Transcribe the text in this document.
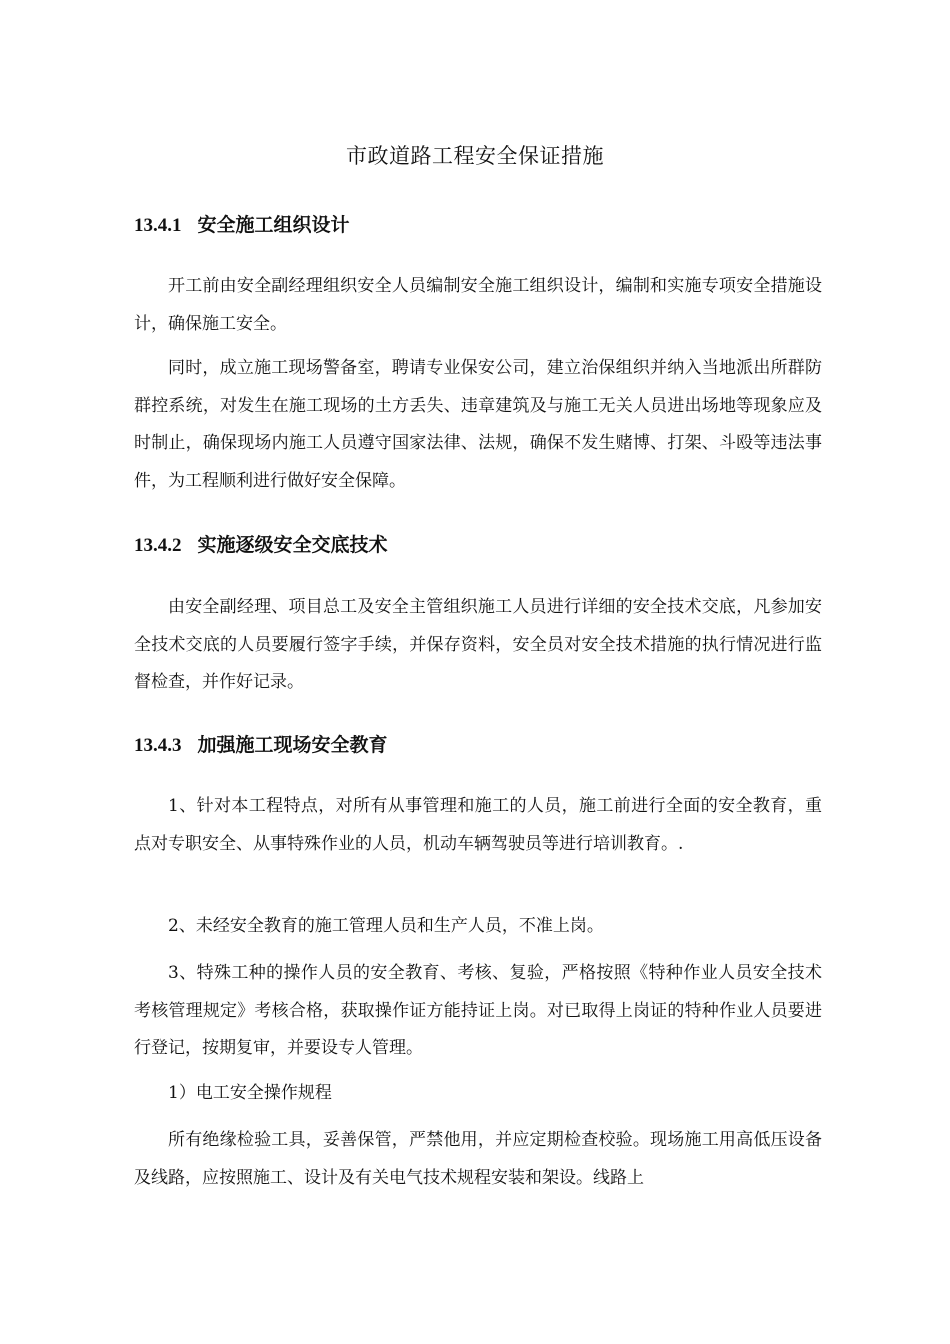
市政道路工程安全保证措施
13.4.1 安全施工组织设计

开工前由安全副经理组织安全人员编制安全施工组织设计，编制和实施专项安全措施设计，确保施工安全。

同时，成立施工现场警备室，聘请专业保安公司，建立治保组织并纳入当地派出所群防群控系统，对发生在施工现场的土方丢失、违章建筑及与施工无关人员进出场地等现象应及时制止，确保现场内施工人员遵守国家法律、法规，确保不发生赌博、打架、斗殴等违法事件，为工程顺利进行做好安全保障。

13.4.2 实施逐级安全交底技术

由安全副经理、项目总工及安全主管组织施工人员进行详细的安全技术交底，凡参加安全技术交底的人员要履行签字手续，并保存资料，安全员对安全技术措施的执行情况进行监督检查，并作好记录。

13.4.3 加强施工现场安全教育

1、针对本工程特点，对所有从事管理和施工的人员，施工前进行全面的安全教育，重点对专职安全、从事特殊作业的人员，机动车辆驾驶员等进行培训教育。.

2、未经安全教育的施工管理人员和生产人员，不准上岗。

3、特殊工种的操作人员的安全教育、考核、复验，严格按照《特种作业人员安全技术考核管理规定》考核合格，获取操作证方能持证上岗。对已取得上岗证的特种作业人员要进行登记，按期复审，并要设专人管理。

1）电工安全操作规程

所有绝缘检验工具，妥善保管，严禁他用，并应定期检查校验。现场施工用高低压设备及线路，应按照施工、设计及有关电气技术规程安装和架设。线路上
